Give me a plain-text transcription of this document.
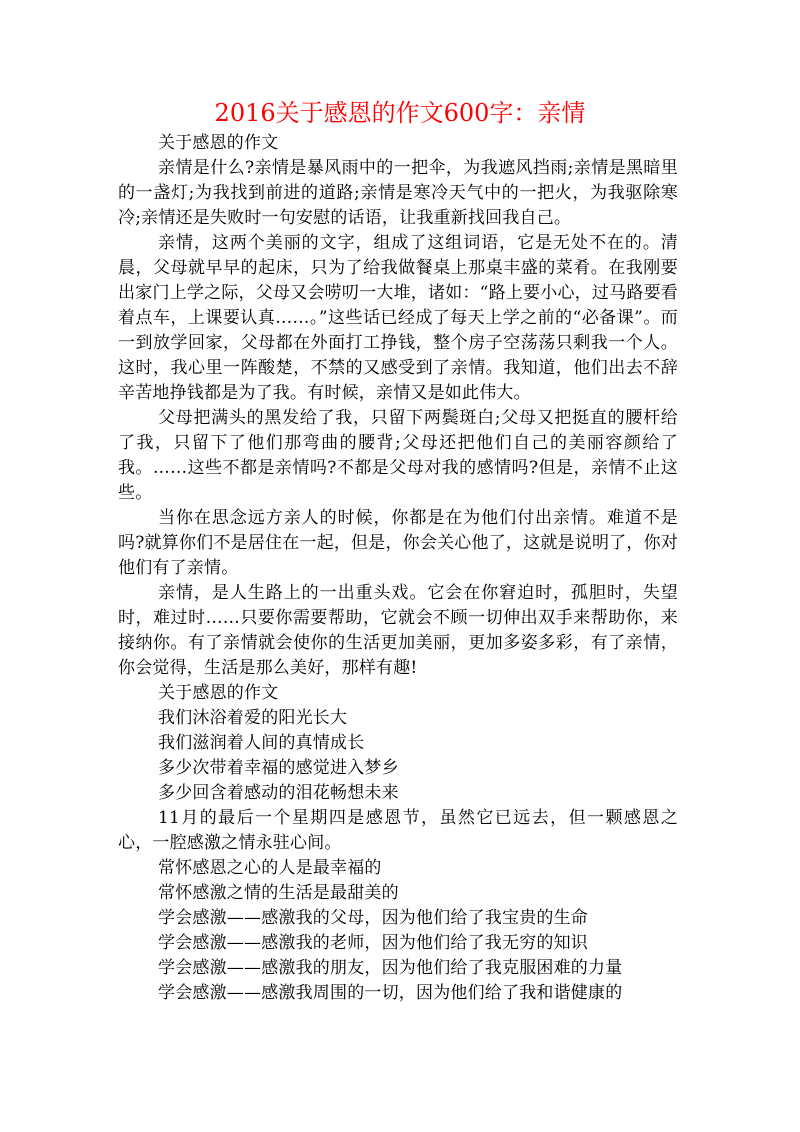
2016关于感恩的作文600字：亲情

关于感恩的作文

亲情是什么?亲情是暴风雨中的一把伞，为我遮风挡雨;亲情是黑暗里的一盏灯;为我找到前进的道路;亲情是寒冷天气中的一把火，为我驱除寒冷;亲情还是失败时一句安慰的话语，让我重新找回我自己。

亲情，这两个美丽的文字，组成了这组词语，它是无处不在的。清晨，父母就早早的起床，只为了给我做餐桌上那桌丰盛的菜肴。在我刚要出家门上学之际，父母又会唠叨一大堆，诸如：“路上要小心，过马路要看着点车，上课要认真……。”这些话已经成了每天上学之前的“必备课”。而一到放学回家，父母都在外面打工挣钱，整个房子空荡荡只剩我一个人。这时，我心里一阵酸楚，不禁的又感受到了亲情。我知道，他们出去不辞辛苦地挣钱都是为了我。有时候，亲情又是如此伟大。

父母把满头的黑发给了我，只留下两鬓斑白;父母又把挺直的腰杆给了我，只留下了他们那弯曲的腰背;父母还把他们自己的美丽容颜给了我。……这些不都是亲情吗?不都是父母对我的感情吗?但是，亲情不止这些。

当你在思念远方亲人的时候，你都是在为他们付出亲情。难道不是吗?就算你们不是居住在一起，但是，你会关心他了，这就是说明了，你对他们有了亲情。

亲情，是人生路上的一出重头戏。它会在你窘迫时，孤胆时，失望时，难过时……只要你需要帮助，它就会不顾一切伸出双手来帮助你，来接纳你。有了亲情就会使你的生活更加美丽，更加多姿多彩，有了亲情，你会觉得，生活是那么美好，那样有趣!

关于感恩的作文

我们沐浴着爱的阳光长大

我们滋润着人间的真情成长

多少次带着幸福的感觉进入梦乡

多少回含着感动的泪花畅想未来

11月的最后一个星期四是感恩节，虽然它已远去，但一颗感恩之心，一腔感激之情永驻心间。

常怀感恩之心的人是最幸福的

常怀感激之情的生活是最甜美的

学会感激——感激我的父母，因为他们给了我宝贵的生命

学会感激——感激我的老师，因为他们给了我无穷的知识

学会感激——感激我的朋友，因为他们给了我克服困难的力量

学会感激——感激我周围的一切，因为他们给了我和谐健康的
